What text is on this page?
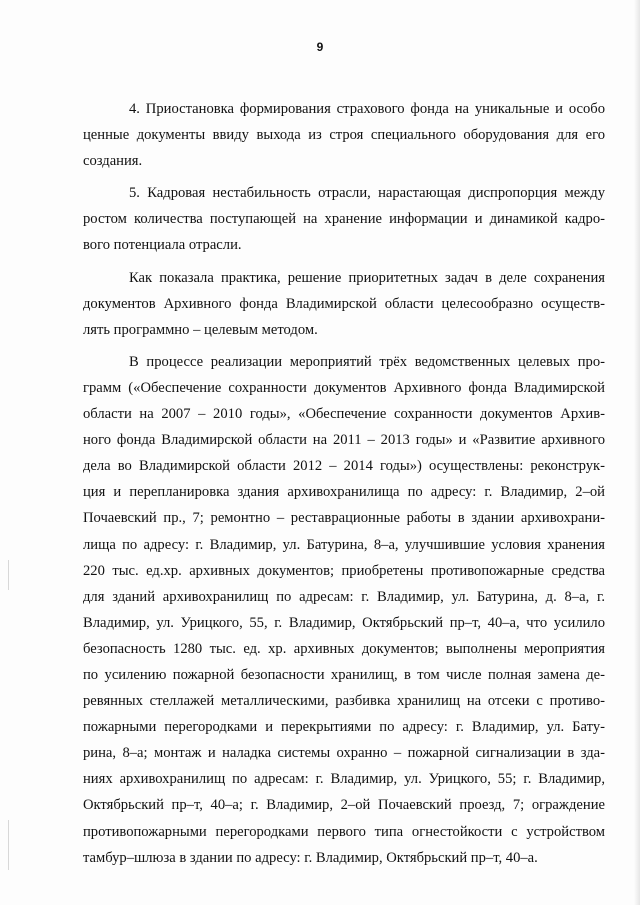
9
4. Приостановка формирования страхового фонда на уникальные и особо
ценные документы ввиду выхода из строя специального оборудования для его
создания.
5. Кадровая нестабильность отрасли, нарастающая диспропорция между
ростом количества поступающей на хранение информации и динамикой кадро-
вого потенциала отрасли.
Как показала практика, решение приоритетных задач в деле сохранения
документов Архивного фонда Владимирской области целесообразно осуществ-
лять программно – целевым методом.
В процессе реализации мероприятий трёх ведомственных целевых про-
грамм («Обеспечение сохранности документов Архивного фонда Владимирской
области на 2007 – 2010 годы», «Обеспечение сохранности документов Архив-
ного фонда Владимирской области на 2011 – 2013 годы» и «Развитие архивного
дела во Владимирской области 2012 – 2014 годы») осуществлены: реконструк-
ция и перепланировка здания архивохранилища по адресу: г. Владимир, 2–ой
Почаевский пр., 7; ремонтно – реставрационные работы в здании архивохрани-
лища по адресу: г. Владимир, ул. Батурина, 8–а, улучшившие условия хранения
220 тыс. ед.хр. архивных документов; приобретены противопожарные средства
для зданий архивохранилищ по адресам: г. Владимир, ул. Батурина, д. 8–а, г.
Владимир, ул. Урицкого, 55, г. Владимир, Октябрьский пр–т, 40–а, что усилило
безопасность 1280 тыс. ед. хр. архивных документов; выполнены мероприятия
по усилению пожарной безопасности хранилищ, в том числе полная замена де-
ревянных стеллажей металлическими, разбивка хранилищ на отсеки с противо-
пожарными перегородками и перекрытиями по адресу: г. Владимир, ул. Бату-
рина, 8–а; монтаж и наладка системы охранно – пожарной сигнализации в зда-
ниях архивохранилищ по адресам: г. Владимир, ул. Урицкого, 55; г. Владимир,
Октябрьский пр–т, 40–а; г. Владимир, 2–ой Почаевский проезд, 7; ограждение
противопожарными перегородками первого типа огнестойкости с устройством
тамбур–шлюза в здании по адресу: г. Владимир, Октябрьский пр–т, 40–а.
